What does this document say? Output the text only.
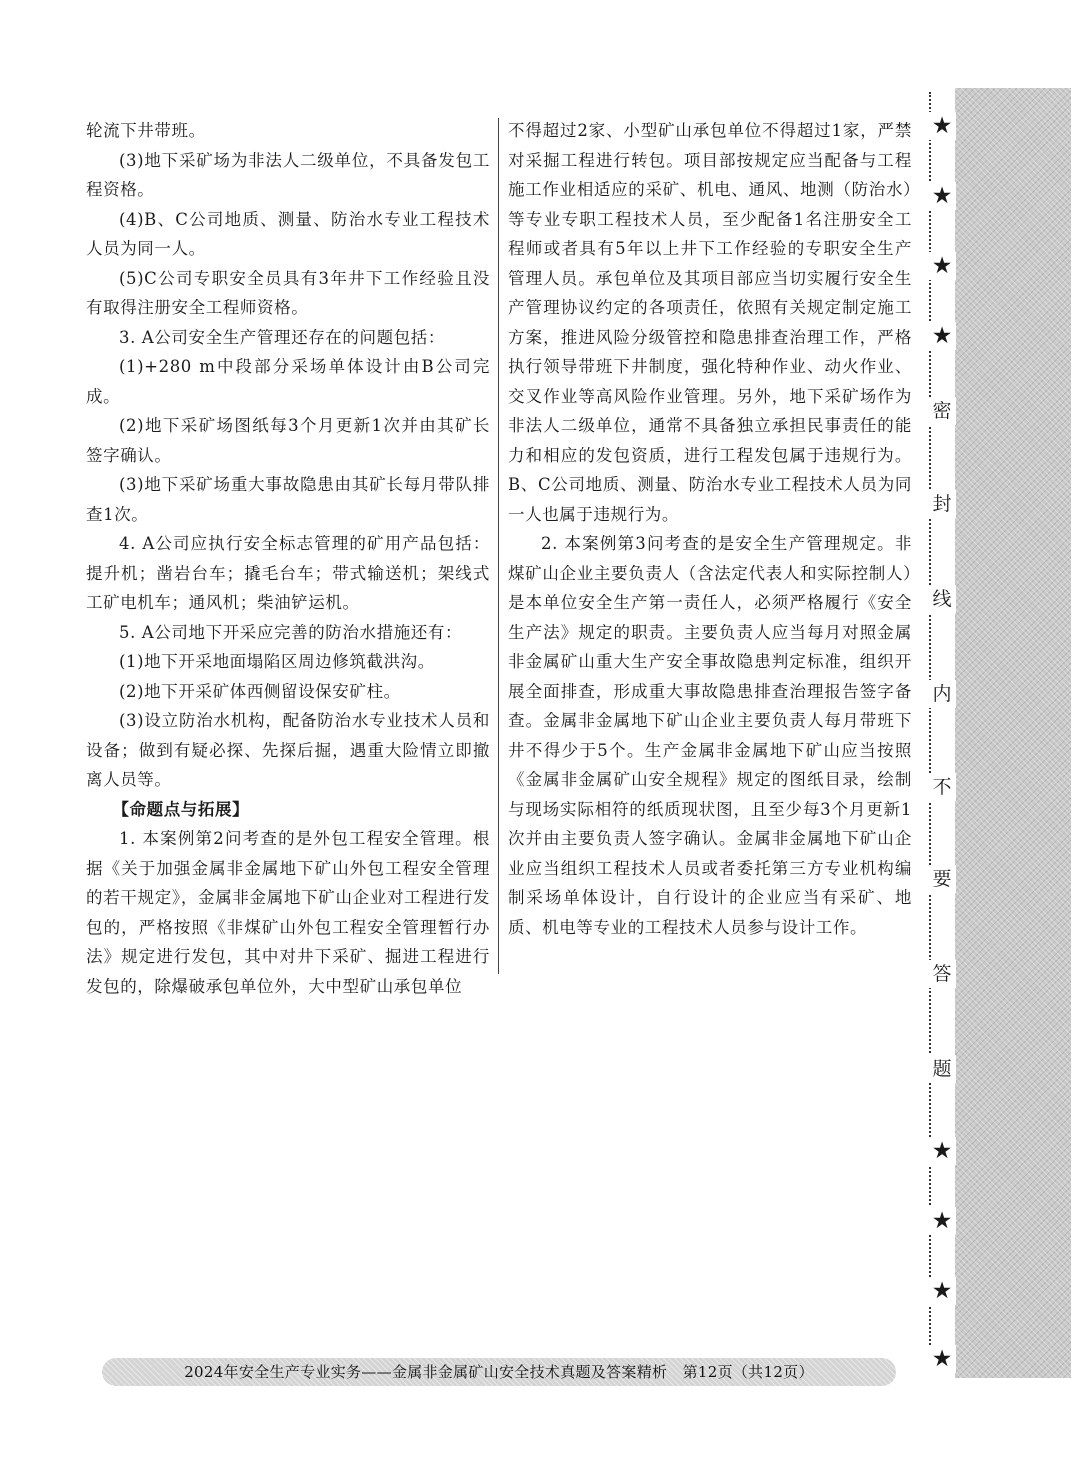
轮流下井带班。

(3)地下采矿场为非法人二级单位，不具备发包工程资格。

(4)B、C公司地质、测量、防治水专业工程技术人员为同一人。

(5)C公司专职安全员具有3年井下工作经验且没有取得注册安全工程师资格。

3. A公司安全生产管理还存在的问题包括：

(1)+280 m中段部分采场单体设计由B公司完成。

(2)地下采矿场图纸每3个月更新1次并由其矿长签字确认。

(3)地下采矿场重大事故隐患由其矿长每月带队排查1次。

4. A公司应执行安全标志管理的矿用产品包括：提升机；凿岩台车；撬毛台车；带式输送机；架线式工矿电机车；通风机；柴油铲运机。

5. A公司地下开采应完善的防治水措施还有：

(1)地下开采地面塌陷区周边修筑截洪沟。

(2)地下开采矿体西侧留设保安矿柱。

(3)设立防治水机构，配备防治水专业技术人员和设备；做到有疑必探、先探后掘，遇重大险情立即撤离人员等。

【命题点与拓展】

1. 本案例第2问考查的是外包工程安全管理。根据《关于加强金属非金属地下矿山外包工程安全管理的若干规定》，金属非金属地下矿山企业对工程进行发包的，严格按照《非煤矿山外包工程安全管理暂行办法》规定进行发包，其中对井下采矿、掘进工程进行发包的，除爆破承包单位外，大中型矿山承包单位

不得超过2家、小型矿山承包单位不得超过1家，严禁对采掘工程进行转包。项目部按规定应当配备与工程施工作业相适应的采矿、机电、通风、地测（防治水）等专业专职工程技术人员，至少配备1名注册安全工程师或者具有5年以上井下工作经验的专职安全生产管理人员。承包单位及其项目部应当切实履行安全生产管理协议约定的各项责任，依照有关规定制定施工方案，推进风险分级管控和隐患排查治理工作，严格执行领导带班下井制度，强化特种作业、动火作业、交叉作业等高风险作业管理。另外，地下采矿场作为非法人二级单位，通常不具备独立承担民事责任的能力和相应的发包资质，进行工程发包属于违规行为。B、C公司地质、测量、防治水专业工程技术人员为同一人也属于违规行为。

2. 本案例第3问考查的是安全生产管理规定。非煤矿山企业主要负责人（含法定代表人和实际控制人）是本单位安全生产第一责任人，必须严格履行《安全生产法》规定的职责。主要负责人应当每月对照金属非金属矿山重大生产安全事故隐患判定标准，组织开展全面排查，形成重大事故隐患排查治理报告签字备查。金属非金属地下矿山企业主要负责人每月带班下井不得少于5个。生产金属非金属地下矿山应当按照《金属非金属矿山安全规程》规定的图纸目录，绘制与现场实际相符的纸质现状图，且至少每3个月更新1次并由主要负责人签字确认。金属非金属地下矿山企业应当组织工程技术人员或者委托第三方专业机构编制采场单体设计，自行设计的企业应当有采矿、地质、机电等专业的工程技术人员参与设计工作。

★
★
★
★
密
封
线
内
不
要
答
题
★
★
★
★
2024年安全生产专业实务——金属非金属矿山安全技术真题及答案精析　第12页（共12页）
